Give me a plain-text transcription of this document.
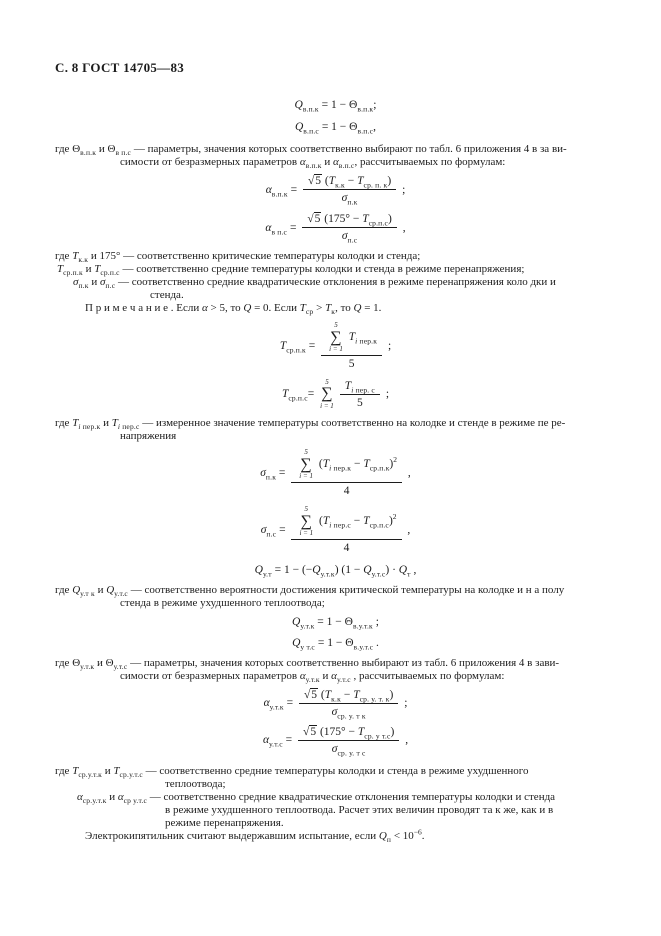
С. 8 ГОСТ 14705—83
$Q_{в.п.к} = 1 - \Theta_{в.п.к}$ ;
$Q_{в.п.с} = 1 - \Theta_{в.п.с}$ ,
где $\Theta_{в.п.к}$ и $\Theta_{в п.с}$ — параметры, значения которых соответственно выбирают по табл. 6 приложения 4 в за ви-
симости от безразмерных параметров $\alpha_{в.п.к}$ и $\alpha_{в.п.с}$, рассчитываемых по формулам:
$\alpha_{в.п.к} = \frac{√5 (T_{к.к} - T_{ср. п. к})}{\sigma_{п.к}}$ ;
$\alpha_{в п.с} = \frac{√5 (175^\circ - T_{ср.п.с})}{\sigma_{п.с}}$ ,
где $T_{к.к}$ и 175° — соответственно критические температуры колодки и стенда;
$T_{ср.п.к}$ и $T_{ср.п.с}$ — соответственно средние температуры колодки и стенда в режиме перенапряжения;
$\sigma_{п.к}$ и $\sigma_{п.с}$ — соответственно средние квадратические отклонения в режиме перенапряжения коло дки и
стенда.
П р и м е ч а н и е . Если α > 5, то Q = 0. Если $T_{ср} > T_к$, то Q = 1.
$T_{ср.п.к} = 5$
∑
i = 1
$T_{i пер.к}$
5 ;
$T_{ср.п.с}$ =
5
∑
$i = 1 \frac{T_{i пер. с}}{5}$ ;
где $T_{i пер.к}$ и $T_{i пер.с}$ — измеренное значение температуры соответственно на колодке и стенде в режиме пе ре-
напряжения
$\sigma_{п.к} = 5$
∑
i = 1
$(T_{i пер.к} - T_{ср.п.к})^2$
4 ,
$\sigma_{п.с} = 5$
∑
i = 1
$(T_{i пер.с} - T_{ср.п.с})^2$
4 ,
$Q_{у.т} = 1$ − (− $Q_{у.т.к}$ ) ($1 - Q_{у.т.с}$ ) · $Q_т$ ,
где $Q_{у.т к}$ и $Q_{у.т.с}$ — соответственно вероятности достижения критической температуры на колодке и н а полу
стенда в режиме ухудшенного теплоотвода;
$Q_{у.т.к} = 1 - \Theta_{в.у.т.к}$ ;
$Q_{у т.с} = 1 - \Theta_{в.у.т.с}$ .
где $\Theta_{у.т.к}$ и $\Theta_{у.т.с}$ — параметры, значения которых соответственно выбирают из табл. 6 приложения 4 в зави-
симости от безразмерных параметров $\alpha_{у.т.к}$ и $\alpha_{у.т.с}$ , рассчитываемых по формулам:
$\alpha_{у.т.к} = \frac{√5 (T_{к.к} - T_{ср. у. т. к})}{\sigma_{ср. у. т к}}$ ;
$\alpha_{у.т.с} = \frac{√5 (175^\circ - T_{ср. у т.с})}{\sigma_{ср. у. т с}}$ ,
где $T_{ср.у.т.к}$ и $T_{ср.у.т.с}$ — соответственно средние температуры колодки и стенда в режиме ухудшенного
теплоотвода;
$\alpha_{ср.у.т.к}$ и $\alpha_{ср у.т.с}$ — соответственно средние квадратические отклонения температуры колодки и стенда
в режиме ухудшенного теплоотвода. Расчет этих величин проводят та к же, как и в
режиме перенапряжения.
Электрокипятильник считают выдержавшим испытание, если $Q_п < 10^{-6}$.
